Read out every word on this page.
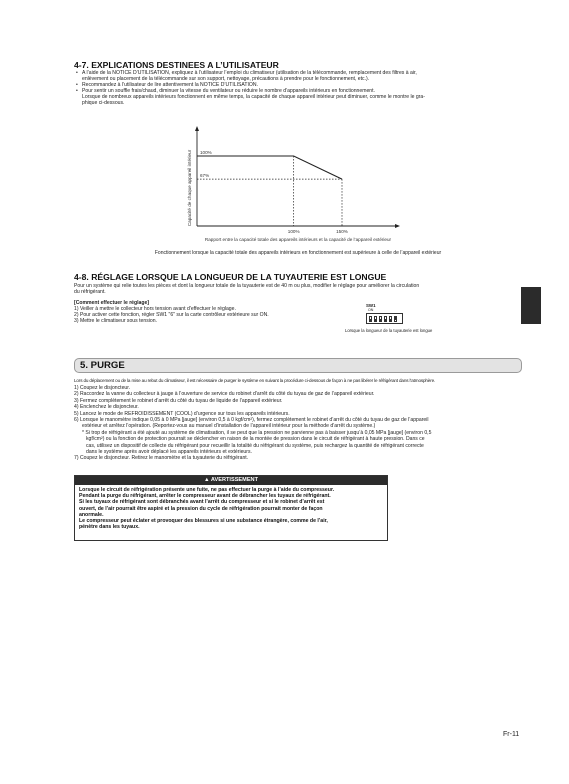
4-7. EXPLICATIONS DESTINEES A L’UTILISATEUR
• A l’aide de la NOTICE D’UTILISATION, expliquez à l’utilisateur l’emploi du climatiseur (utilisation de la télécommande, remplacement des filtres à air,
enlèvement ou placement de la télécommande sur son support, nettoyage, précautions à prendre pour le fonctionnement, etc.).
• Recommandez à l’utilisateur de lire attentivement la NOTICE D’UTILISATION.
• Pour sentir un souffle frais/chaud, diminuer la vitesse du ventilateur ou réduire le nombre d’appareils intérieurs en fonctionnement.
Lorsque de nombreux appareils intérieurs fonctionnent en même temps, la capacité de chaque appareil intérieur peut diminuer, comme le montre le gra-
phique ci-dessous.
Capacité de chaque appareil intérieur 100%
67%
100%	150%
Rapport entre la capacité totale des appareils intérieurs et la capacité de l’appareil extérieur
Fonctionnement lorsque la capacité totale des appareils intérieurs en fonctionnement est supérieure à celle de l’appareil extérieur
4-8. RÉGLAGE LORSQUE LA LONGUEUR DE LA TUYAUTERIE EST LONGUE
Pour un système qui relie toutes les pièces et dont la longueur totale de la tuyauterie est de 40 m ou plus, modifier le réglage pour améliorer la circulation
du réfrigérant.
[Comment effectuer le réglage]
1) Veiller à mettre le collecteur hors tension avant d’effectuer le réglage.
2) Pour activer cette fonction, régler SW1 "6" sur la carte contrôleur extérieure sur ON.
3) Mettre le climatiseur sous tension.
SW1
ON
Lorsque la longueur de la tuyauterie est longue
5. PURGE
Lors du déplacement ou de la mise au rebut du climatiseur, il est nécessaire de purger le système en suivant la procédure ci-dessous de façon à ne pas libérer le réfrigérant dans l’atmosphère.
1) Coupez le disjoncteur.
2) Raccordez la vanne du collecteur à jauge à l’ouverture de service du robinet d’arrêt du côté du tuyau de gaz de l’appareil extérieur.
3) Fermez complètement le robinet d’arrêt du côté du tuyau de liquide de l’appareil extérieur.
4) Enclenchez le disjoncteur.
5) Lancez le mode de REFROIDISSEMENT (COOL) d’urgence sur tous les appareils intérieurs.
6) Lorsque le manomètre indique 0,05 à 0 MPa [jauge] (environ 0,5 à 0 kgf/cm²), fermez complètement le robinet d’arrêt du côté du tuyau de gaz de l’appareil
extérieur et arrêtez l’opération. (Reportez-vous au manuel d’installation de l’appareil intérieur pour la méthode d’arrêt du système.)
* Si trop de réfrigérant a été ajouté au système de climatisation, il se peut que la pression ne parvienne pas à baisser jusqu’à 0,05 MPa [jauge] (environ 0,5
kgf/cm²) ou la fonction de protection pourrait se déclencher en raison de la montée de pression dans le circuit de réfrigérant à haute pression. Dans ce
cas, utilisez un dispositif de collecte du réfrigérant pour recueillir la totalité du réfrigérant du système, puis rechargez la quantité de réfrigérant correcte
dans le système après avoir déplacé les appareils intérieurs et extérieurs.
7) Coupez le disjoncteur. Retirez le manomètre et la tuyauterie du réfrigérant.
▲ AVERTISSEMENT
Lorsque le circuit de réfrigération présente une fuite, ne pas effectuer la purge à l’aide du compresseur.
Pendant la purge du réfrigérant, arrêter le compresseur avant de débrancher les tuyaux de réfrigérant.
Si les tuyaux de réfrigérant sont débranchés avant l’arrêt du compresseur et si le robinet d’arrêt est
ouvert, de l’air pourrait être aspiré et la pression du cycle de réfrigération pourrait monter de façon
anormale.
Le compresseur peut éclater et provoquer des blessures si une substance étrangère, comme de l’air,
pénètre dans les tuyaux.
Fr-11
